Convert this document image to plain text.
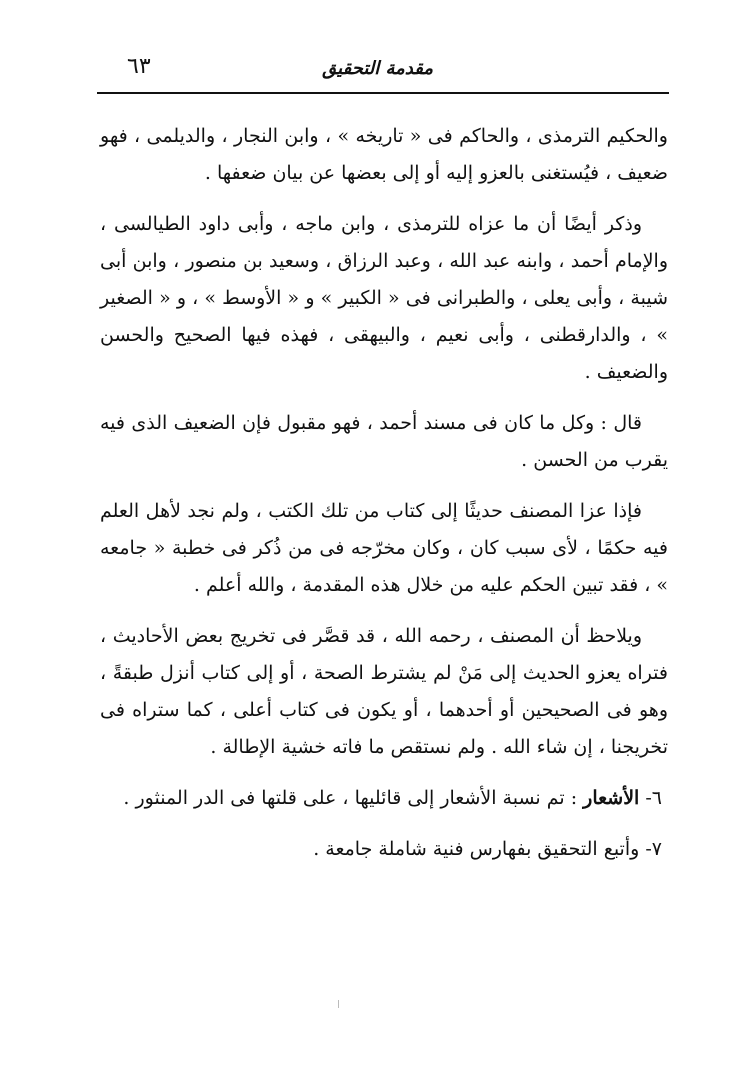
مقدمة التحقيق
٦٣

والحكيم الترمذى ، والحاكم فى « تاريخه » ، وابن النجار ، والديلمى ، فهو ضعيف ، فيُستغنى بالعزو إليه أو إلى بعضها عن بيان ضعفها .

وذكر أيضًا أن ما عزاه للترمذى ، وابن ماجه ، وأبى داود الطيالسى ، والإمام أحمد ، وابنه عبد الله ، وعبد الرزاق ، وسعيد بن منصور ، وابن أبى شيبة ، وأبى يعلى ، والطبرانى فى « الكبير » و « الأوسط » ، و « الصغير » ، والدارقطنى ، وأبى نعيم ، والبيهقى ، فهذه فيها الصحيح والحسن والضعيف .

قال : وكل ما كان فى مسند أحمد ، فهو مقبول فإن الضعيف الذى فيه يقرب من الحسن .

فإذا عزا المصنف حديثًا إلى كتاب من تلك الكتب ، ولم نجد لأهل العلم فيه حكمًا ، لأى سبب كان ، وكان مخرّجه فى من ذُكر فى خطبة « جامعه » ، فقد تبين الحكم عليه من خلال هذه المقدمة ، والله أعلم .

ويلاحظ أن المصنف ، رحمه الله ، قد قصَّر فى تخريج بعض الأحاديث ، فتراه يعزو الحديث إلى مَنْ لم يشترط الصحة ، أو إلى كتاب أنزل طبقةً ، وهو فى الصحيحين أو أحدهما ، أو يكون فى كتاب أعلى ، كما ستراه فى تخريجنا ، إن شاء الله . ولم نستقص ما فاته خشية الإطالة .

٦- الأشعار : تم نسبة الأشعار إلى قائليها ، على قلتها فى الدر المنثور .

٧- وأتبع التحقيق بفهارس فنية شاملة جامعة .
